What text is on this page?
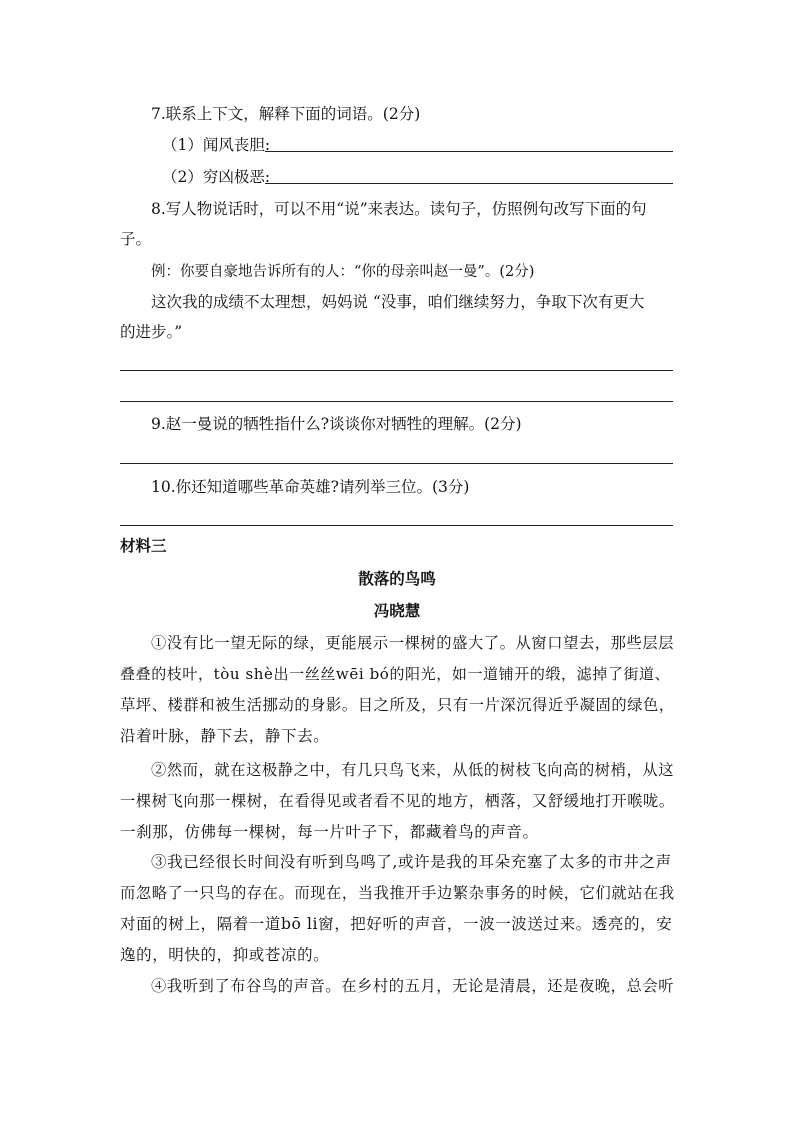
7.联系上下文，解释下面的词语。(2分)
（1）闻风丧胆:
（2）穷凶极恶:
8.写人物说话时，可以不用“说”来表达。读句子，仿照例句改写下面的句
子。
例：你要自豪地告诉所有的人：“你的母亲叫赵一曼”。(2分)
这次我的成绩不太理想，妈妈说 “没事，咱们继续努力，争取下次有更大
的进步。”
9.赵一曼说的牺牲指什么?谈谈你对牺牲的理解。(2分)
10.你还知道哪些革命英雄?请列举三位。(3分)
材料三
散落的鸟鸣
冯晓慧
①没有比一望无际的绿，更能展示一棵树的盛大了。从窗口望去，那些层层
叠叠的枝叶，tòu shè出一丝丝wēi bó的阳光，如一道铺开的缎，滤掉了街道、
草坪、楼群和被生活挪动的身影。目之所及，只有一片深沉得近乎凝固的绿色，
沿着叶脉，静下去，静下去。
②然而，就在这极静之中，有几只鸟飞来，从低的树枝飞向高的树梢，从这
一棵树飞向那一棵树，在看得见或者看不见的地方，栖落，又舒缓地打开喉咙。
一刹那，仿佛每一棵树，每一片叶子下，都藏着鸟的声音。
③我已经很长时间没有听到鸟鸣了,或许是我的耳朵充塞了太多的市井之声
而忽略了一只鸟的存在。而现在，当我推开手边繁杂事务的时候，它们就站在我
对面的树上，隔着一道bō li窗，把好听的声音，一波一波送过来。透亮的，安
逸的，明快的，抑或苍凉的。
④我听到了布谷鸟的声音。在乡村的五月，无论是清晨，还是夜晚，总会听
